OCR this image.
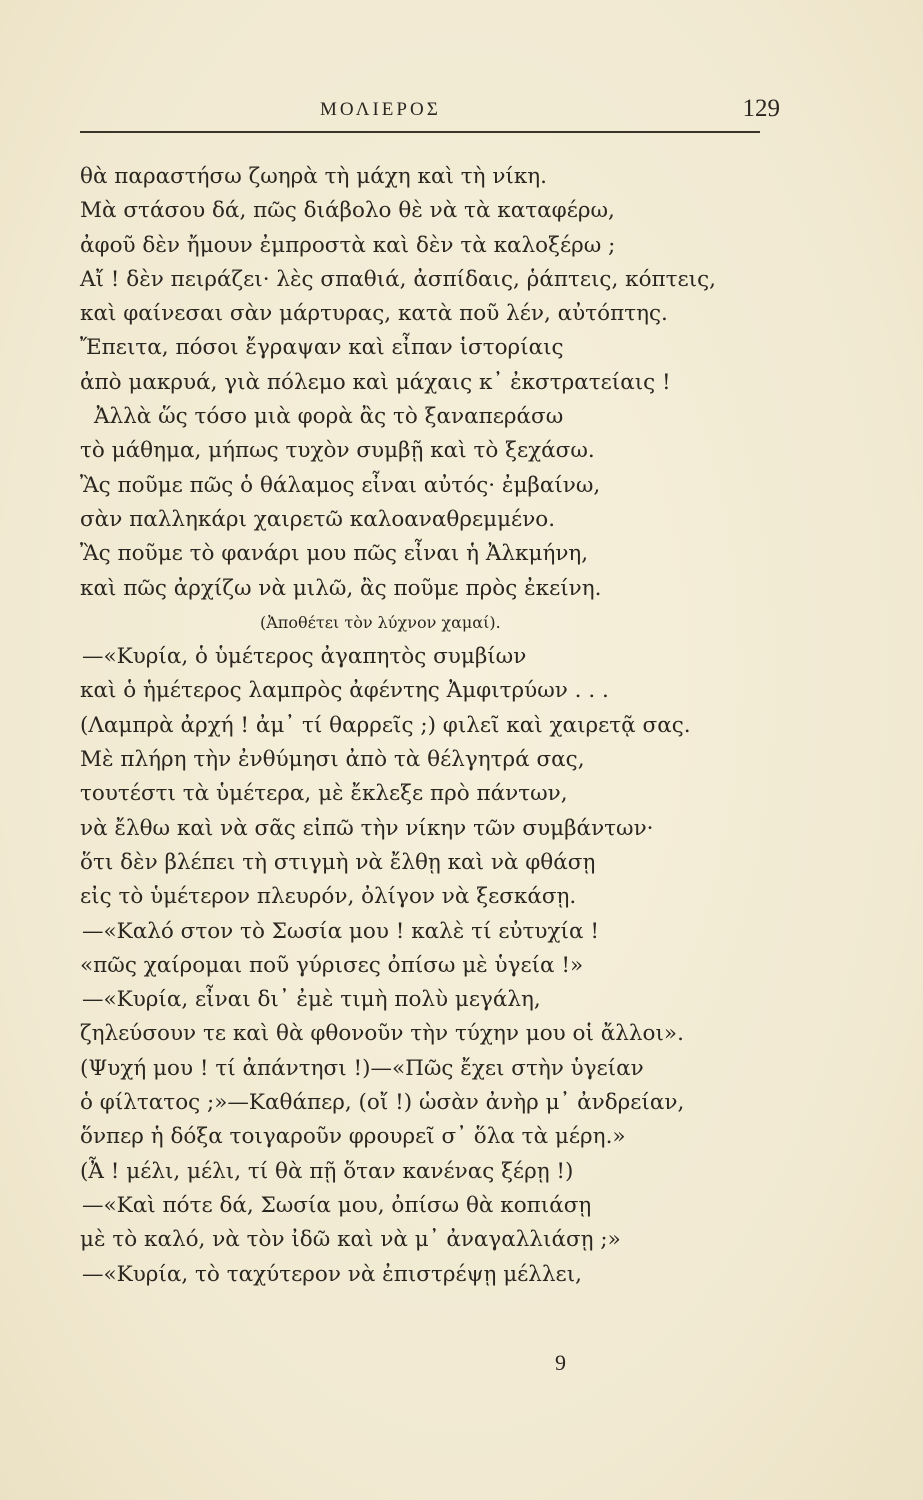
ΜΟΛΙΕΡΟΣ	129
θὰ παραστήσω ζωηρὰ τὴ μάχη καὶ τὴ νίκη.
Μὰ στάσου δά, πῶς διάβολο θὲ νὰ τὰ καταφέρω,
ἀφοῦ δὲν ἤμουν ἐμπροστὰ καὶ δὲν τὰ καλοξέρω ;
Αἴ ! δὲν πειράζει· λὲς σπαθιά, ἀσπίδαις, ῥάπτεις, κόπτεις,
καὶ φαίνεσαι σὰν μάρτυρας, κατὰ ποῦ λέν, αὐτόπτης.
Ἔπειτα, πόσοι ἔγραψαν καὶ εἶπαν ἱστορίαις
ἀπὸ μακρυά, γιὰ πόλεμο καὶ μάχαις κ᾽ ἐκστρατείαις !
Ἀλλὰ ὥς τόσο μιὰ φορὰ ἂς τὸ ξαναπεράσω
τὸ μάθημα, μήπως τυχὸν συμβῇ καὶ τὸ ξεχάσω.
Ἂς ποῦμε πῶς ὁ θάλαμος εἶναι αὐτός· ἐμβαίνω,
σὰν παλληκάρι χαιρετῶ καλοαναθρεμμένο.
Ἂς ποῦμε τὸ φανάρι μου πῶς εἶναι ἡ Ἀλκμήνη,
καὶ πῶς ἀρχίζω νὰ μιλῶ, ἂς ποῦμε πρὸς ἐκείνη.
(Ἀποθέτει τὸν λύχνον χαμαί).
—«Κυρία, ὁ ὑμέτερος ἀγαπητὸς συμβίων
καὶ ὁ ἡμέτερος λαμπρὸς ἀφέντης Ἀμφιτρύων . . .
(Λαμπρὰ ἀρχή ! ἀμ᾽ τί θαρρεῖς ;) φιλεῖ καὶ χαιρετᾷ σας.
Μὲ πλήρη τὴν ἐνθύμησι ἀπὸ τὰ θέλγητρά σας,
τουτέστι τὰ ὑμέτερα, μὲ ἔκλεξε πρὸ πάντων,
νὰ ἔλθω καὶ νὰ σᾶς εἰπῶ τὴν νίκην τῶν συμβάντων·
ὅτι δὲν βλέπει τὴ στιγμὴ νὰ ἔλθῃ καὶ νὰ φθάσῃ
εἰς τὸ ὑμέτερον πλευρόν, ὀλίγον νὰ ξεσκάσῃ.
—«Καλό στον τὸ Σωσία μου ! καλὲ τί εὐτυχία !
«πῶς χαίρομαι ποῦ γύρισες ὀπίσω μὲ ὑγεία !»
—«Κυρία, εἶναι δι᾽ ἐμὲ τιμὴ πολὺ μεγάλη,
ζηλεύσουν τε καὶ θὰ φθονοῦν τὴν τύχην μου οἱ ἄλλοι».
(Ψυχή μου ! τί ἀπάντησι !)—«Πῶς ἔχει στὴν ὑγείαν
ὁ φίλτατος ;»—Καθάπερ, (οἴ !) ὡσὰν ἀνὴρ μ᾽ ἀνδρείαν,
ὅνπερ ἡ δόξα τοιγαροῦν φρουρεῖ σ᾽ ὅλα τὰ μέρη.»
(Ἆ ! μέλι, μέλι, τί θὰ πῇ ὅταν κανένας ξέρῃ !)
—«Καὶ πότε δά, Σωσία μου, ὀπίσω θὰ κοπιάσῃ
μὲ τὸ καλό, νὰ τὸν ἰδῶ καὶ νὰ μ᾽ ἀναγαλλιάσῃ ;»
—«Κυρία, τὸ ταχύτερον νὰ ἐπιστρέψῃ μέλλει,
9
